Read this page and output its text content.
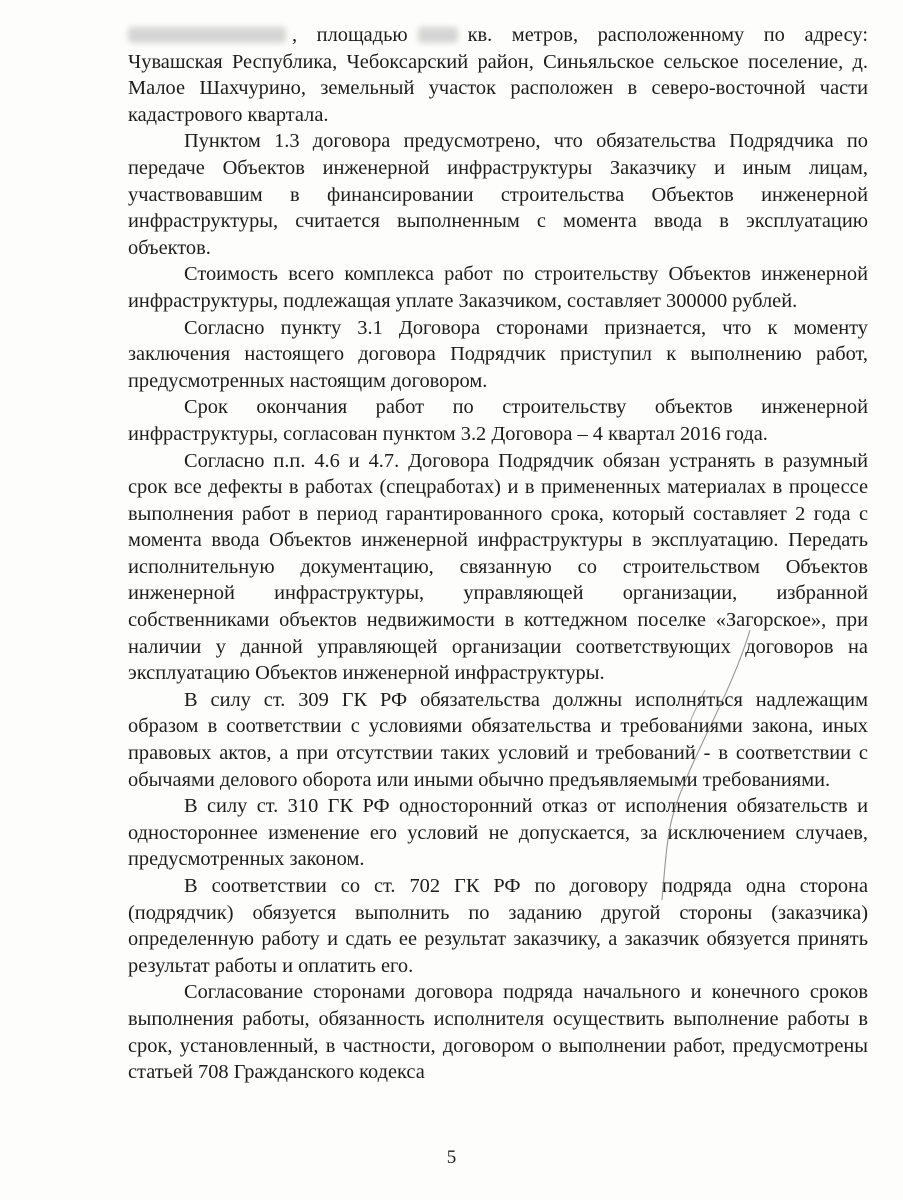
, площадью	кв. метров, расположенному по адресу: Чувашская Республика, Чебоксарский район, Синьяльское сельское поселение, д. Малое Шахчурино, земельный участок расположен в северо-восточной части кадастрового квартала.

Пунктом 1.3 договора предусмотрено, что обязательства Подрядчика по передаче Объектов инженерной инфраструктуры Заказчику и иным лицам, участвовавшим в финансировании строительства Объектов инженерной инфраструктуры, считается выполненным с момента ввода в эксплуатацию объектов.

Стоимость всего комплекса работ по строительству Объектов инженерной инфраструктуры, подлежащая уплате Заказчиком, составляет 300000 рублей.

Согласно пункту 3.1 Договора сторонами признается, что к моменту заключения настоящего договора Подрядчик приступил к выполнению работ, предусмотренных настоящим договором.

Срок окончания работ по строительству объектов инженерной инфраструктуры, согласован пунктом 3.2 Договора – 4 квартал 2016 года.

Согласно п.п. 4.6 и 4.7. Договора Подрядчик обязан устранять в разумный срок все дефекты в работах (спецработах) и в примененных материалах в процессе выполнения работ в период гарантированного срока, который составляет 2 года с момента ввода Объектов инженерной инфраструктуры в эксплуатацию. Передать исполнительную документацию, связанную со строительством Объектов инженерной инфраструктуры, управляющей организации, избранной собственниками объектов недвижимости в коттеджном поселке «Загорское», при наличии у данной управляющей организации соответствующих договоров на эксплуатацию Объектов инженерной инфраструктуры.

В силу ст. 309 ГК РФ обязательства должны исполняться надлежащим образом в соответствии с условиями обязательства и требованиями закона, иных правовых актов, а при отсутствии таких условий и требований - в соответствии с обычаями делового оборота или иными обычно предъявляемыми требованиями.

В силу ст. 310 ГК РФ односторонний отказ от исполнения обязательств и одностороннее изменение его условий не допускается, за исключением случаев, предусмотренных законом.

В соответствии со ст. 702 ГК РФ по договору подряда одна сторона (подрядчик) обязуется выполнить по заданию другой стороны (заказчика) определенную работу и сдать ее результат заказчику, а заказчик обязуется принять результат работы и оплатить его.

Согласование сторонами договора подряда начального и конечного сроков выполнения работы, обязанность исполнителя осуществить выполнение работы в срок, установленный, в частности, договором о выполнении работ, предусмотрены статьей 708 Гражданского кодекса

5
